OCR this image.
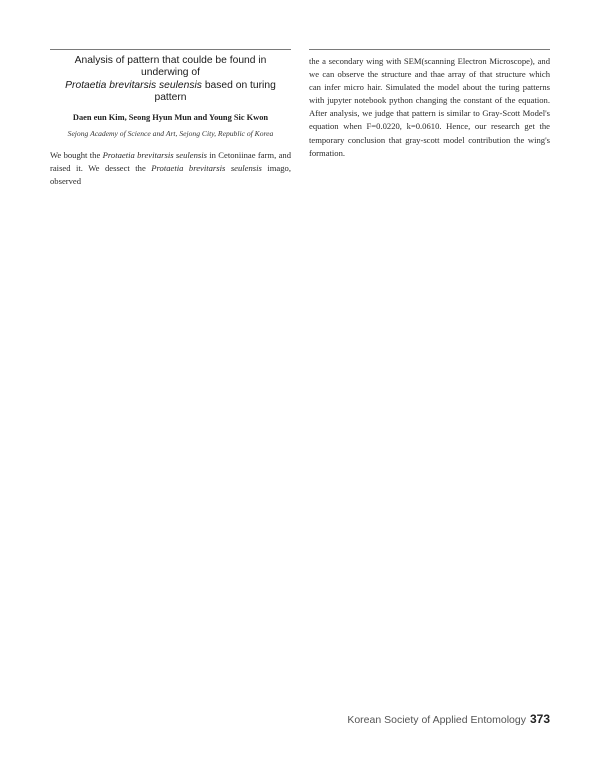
Analysis of pattern that coulde be found in underwing of
Protaetia brevitarsis seulensis based on turing pattern
Daen eun Kim, Seong Hyun Mun and Young Sic Kwon
Sejong Academy of Science and Art, Sejong City, Republic of Korea
We bought the Protaetia brevitarsis seulensis in Cetoniinae farm, and raised it. We dessect the Protaetia brevitarsis seulensis imago, observed
the a secondary wing with SEM(scanning Electron Microscope), and we can observe the structure and thae array of that structure which can infer micro hair. Simulated the model about the turing patterns with jupyter notebook python changing the constant of the equation. After analysis, we judge that pattern is similar to Gray-Scott Model's equation when F=0.0220, k=0.0610. Hence, our research get the temporary conclusion that gray-scott model contribution the wing's formation.
Korean Society of Applied Entomology 373
